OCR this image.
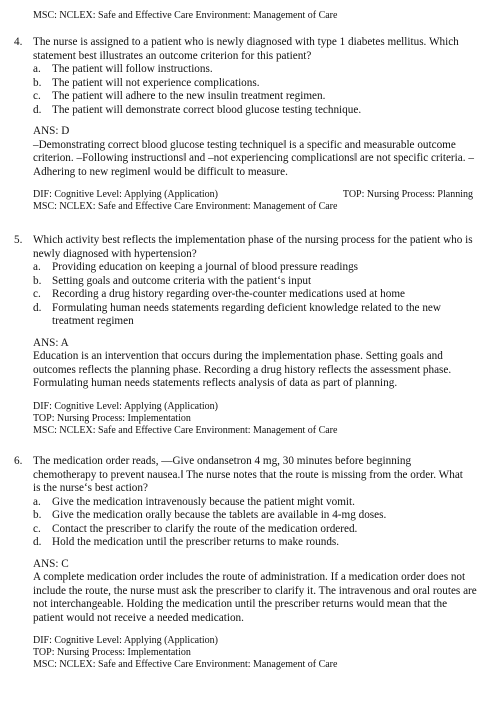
MSC: NCLEX: Safe and Effective Care Environment: Management of Care
4. The nurse is assigned to a patient who is newly diagnosed with type 1 diabetes mellitus. Which statement best illustrates an outcome criterion for this patient?
a.	The patient will follow instructions.
b. The patient will not experience complications.
c.	The patient will adhere to the new insulin treatment regimen.
d. The patient will demonstrate correct blood glucose testing technique.
ANS: D
–Demonstrating correct blood glucose testing technique‖ is a specific and measurable outcome criterion. –Following instructions‖ and –not experiencing complications‖ are not specific criteria. –Adhering to new regimen‖ would be difficult to measure.
DIF: Cognitive Level: Applying (Application)	TOP: Nursing Process: Planning
MSC: NCLEX: Safe and Effective Care Environment: Management of Care
5. Which activity best reflects the implementation phase of the nursing process for the patient who is newly diagnosed with hypertension?
a.	Providing education on keeping a journal of blood pressure readings
b. Setting goals and outcome criteria with the patient‘s input
c.	Recording a drug history regarding over-the-counter medications used at home
d. Formulating human needs statements regarding deficient knowledge related to the new treatment regimen
ANS: A
Education is an intervention that occurs during the implementation phase. Setting goals and outcomes reflects the planning phase. Recording a drug history reflects the assessment phase. Formulating human needs statements reflects analysis of data as part of planning.
DIF: Cognitive Level: Applying (Application)
TOP: Nursing Process: Implementation
MSC: NCLEX: Safe and Effective Care Environment: Management of Care
6. The medication order reads, —Give ondansetron 4 mg, 30 minutes before beginning chemotherapy to prevent nausea.‖ The nurse notes that the route is missing from the order. What is the nurse‘s best action?
a.	Give the medication intravenously because the patient might vomit.
b. Give the medication orally because the tablets are available in 4-mg doses.
c.	Contact the prescriber to clarify the route of the medication ordered.
d. Hold the medication until the prescriber returns to make rounds.
ANS: C
A complete medication order includes the route of administration. If a medication order does not include the route, the nurse must ask the prescriber to clarify it. The intravenous and oral routes are not interchangeable. Holding the medication until the prescriber returns would mean that the patient would not receive a needed medication.
DIF: Cognitive Level: Applying (Application)
TOP: Nursing Process: Implementation
MSC: NCLEX: Safe and Effective Care Environment: Management of Care
